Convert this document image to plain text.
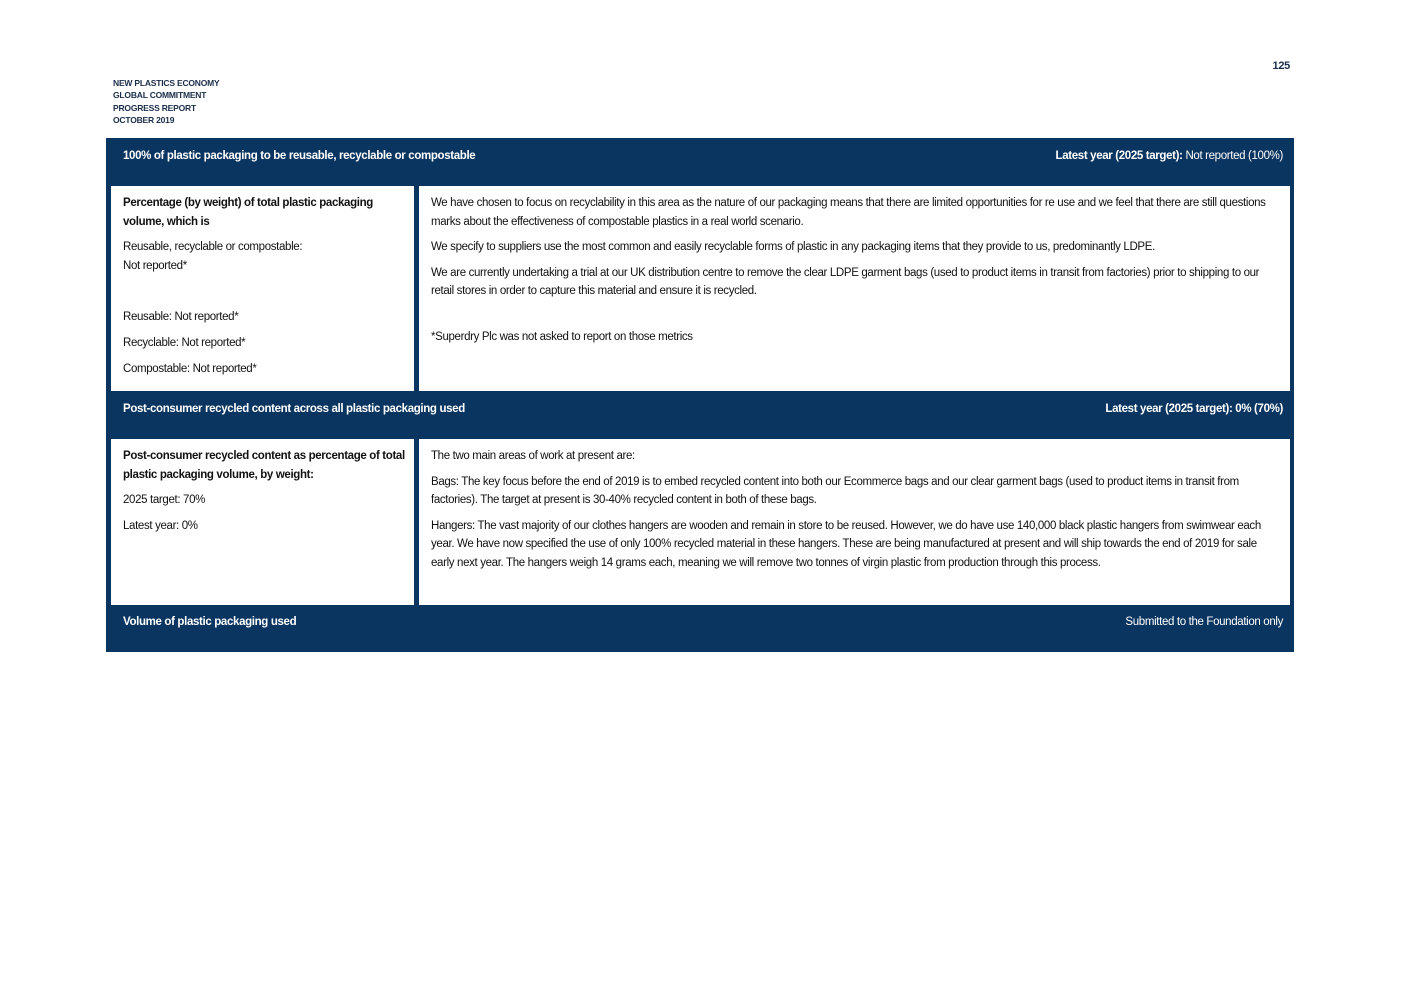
125
NEW PLASTICS ECONOMY
GLOBAL COMMITMENT
PROGRESS REPORT
OCTOBER 2019
100% of plastic packaging to be reusable, recyclable or compostable	Latest year (2025 target): Not reported (100%)

Percentage (by weight) of total plastic packaging volume, which is

Reusable, recyclable or compostable:

Not reported*

Reusable: Not reported*

Recyclable: Not reported*

Compostable: Not reported*

We have chosen to focus on recyclability in this area as the nature of our packaging means that there are limited opportunities for re use and we feel that there are still questions marks about the effectiveness of compostable plastics in a real world scenario.

We specify to suppliers use the most common and easily recyclable forms of plastic in any packaging items that they provide to us, predominantly LDPE.

We are currently undertaking a trial at our UK distribution centre to remove the clear LDPE garment bags (used to product items in transit from factories) prior to shipping to our retail stores in order to capture this material and ensure it is recycled.

*Superdry Plc was not asked to report on those metrics

Post-consumer recycled content across all plastic packaging used	Latest year (2025 target): 0% (70%)

Post-consumer recycled content as percentage of total plastic packaging volume, by weight:

2025 target: 70%

Latest year: 0%

The two main areas of work at present are:

Bags: The key focus before the end of 2019 is to embed recycled content into both our Ecommerce bags and our clear garment bags (used to product items in transit from factories). The target at present is 30-40% recycled content in both of these bags.

Hangers: The vast majority of our clothes hangers are wooden and remain in store to be reused. However, we do have use 140,000 black plastic hangers from swimwear each year. We have now specified the use of only 100% recycled material in these hangers. These are being manufactured at present and will ship towards the end of 2019 for sale early next year. The hangers weigh 14 grams each, meaning we will remove two tonnes of virgin plastic from production through this process.

Volume of plastic packaging used	Submitted to the Foundation only
